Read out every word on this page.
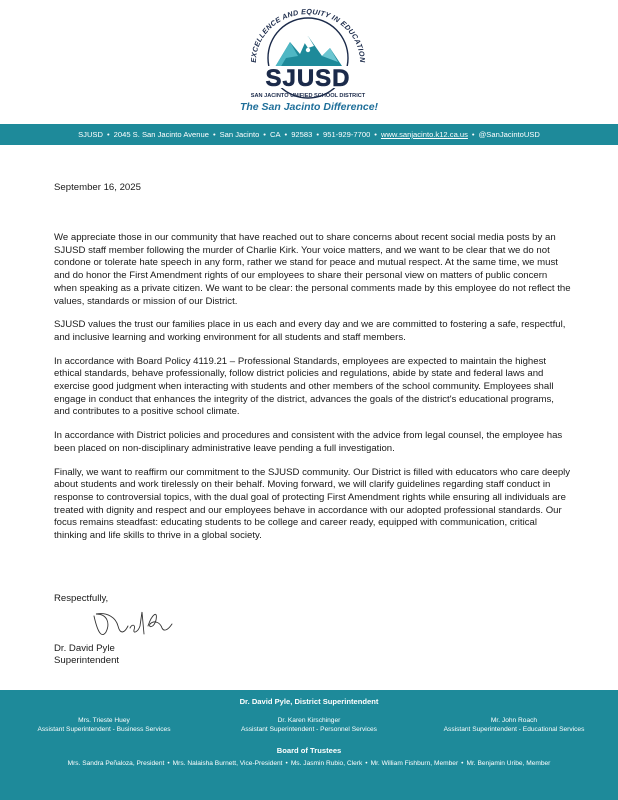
EXCELLENCE AND EQUITY IN EDUCATION
SJUSD
SAN JACINTO UNIFIED SCHOOL DISTRICT
The San Jacinto Difference!
SJUSD • 2045 S. San Jacinto Avenue • San Jacinto • CA • 92583 • 951-929-7700 • www.sanjacinto.k12.ca.us • @SanJacintoUSD
September 16, 2025

We appreciate those in our community that have reached out to share concerns about recent social media posts by an SJUSD staff member following the murder of Charlie Kirk. Your voice matters, and we want to be clear that we do not condone or tolerate hate speech in any form, rather we stand for peace and mutual respect. At the same time, we must and do honor the First Amendment rights of our employees to share their personal view on matters of public concern when speaking as a private citizen. We want to be clear: the personal comments made by this employee do not reflect the values, standards or mission of our District.

SJUSD values the trust our families place in us each and every day and we are committed to fostering a safe, respectful, and inclusive learning and working environment for all students and staff members.

In accordance with Board Policy 4119.21 – Professional Standards, employees are expected to maintain the highest ethical standards, behave professionally, follow district policies and regulations, abide by state and federal laws and exercise good judgment when interacting with students and other members of the school community. Employees shall engage in conduct that enhances the integrity of the district, advances the goals of the district's educational programs, and contributes to a positive school climate.

In accordance with District policies and procedures and consistent with the advice from legal counsel, the employee has been placed on non-disciplinary administrative leave pending a full investigation.

Finally, we want to reaffirm our commitment to the SJUSD community. Our District is filled with educators who care deeply about students and work tirelessly on their behalf. Moving forward, we will clarify guidelines regarding staff conduct in response to controversial topics, with the dual goal of protecting First Amendment rights while ensuring all individuals are treated with dignity and respect and our employees behave in accordance with our adopted professional standards. Our focus remains steadfast: educating students to be college and career ready, equipped with communication, critical thinking and life skills to thrive in a global society.

Respectfully,
Dr. David Pyle
Superintendent
Dr. David Pyle, District Superintendent
Mrs. Trieste Huey
Assistant Superintendent - Business Services
Dr. Karen Kirschinger
Assistant Superintendent - Personnel Services
Mr. John Roach
Assistant Superintendent - Educational Services
Board of Trustees
Mrs. Sandra Peñaloza, President • Mrs. Nalaisha Burnett, Vice-President • Ms. Jasmin Rubio, Clerk • Mr. William Fishburn, Member • Mr. Benjamin Uribe, Member
